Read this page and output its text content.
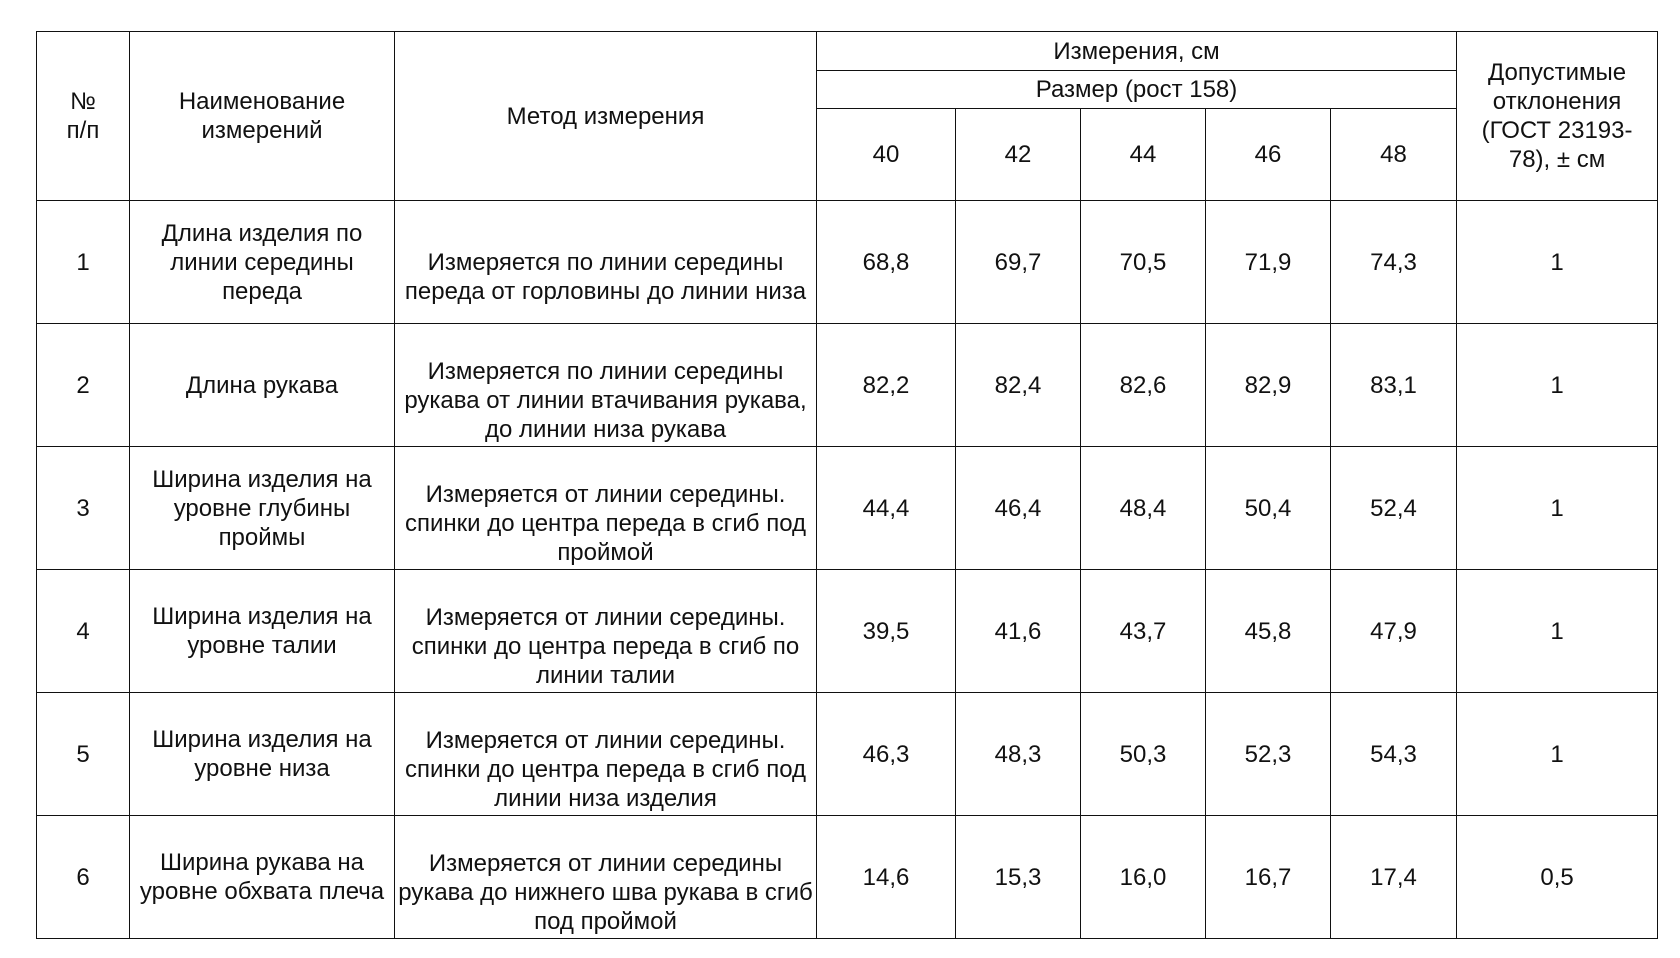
№ п/п	Наименование измерений	Метод измерения	Измерения, см					Допустимые отклонения (ГОСТ 23193-78), ± см
			Размер (рост 158)					
			40	42	44	46	48	
1	Длина изделия по линии середины переда	Измеряется по линии середины переда от горловины до линии низа	68,8	69,7	70,5	71,9	74,3	1
2	Длина рукава	Измеряется по линии середины рукава от линии втачивания рукава, до линии низа рукава	82,2	82,4	82,6	82,9	83,1	1
3	Ширина изделия на уровне глубины проймы	Измеряется от линии середины. спинки до центра переда в сгиб под проймой	44,4	46,4	48,4	50,4	52,4	1
4	Ширина изделия на уровне талии	Измеряется от линии середины. спинки до центра переда в сгиб по линии талии	39,5	41,6	43,7	45,8	47,9	1
5	Ширина изделия на уровне низа	Измеряется от линии середины. спинки до центра переда в сгиб под линии низа изделия	46,3	48,3	50,3	52,3	54,3	1
6	Ширина рукава на уровне обхвата плеча	Измеряется от линии середины рукава до нижнего шва рукава в сгиб под проймой	14,6	15,3	16,0	16,7	17,4	0,5
